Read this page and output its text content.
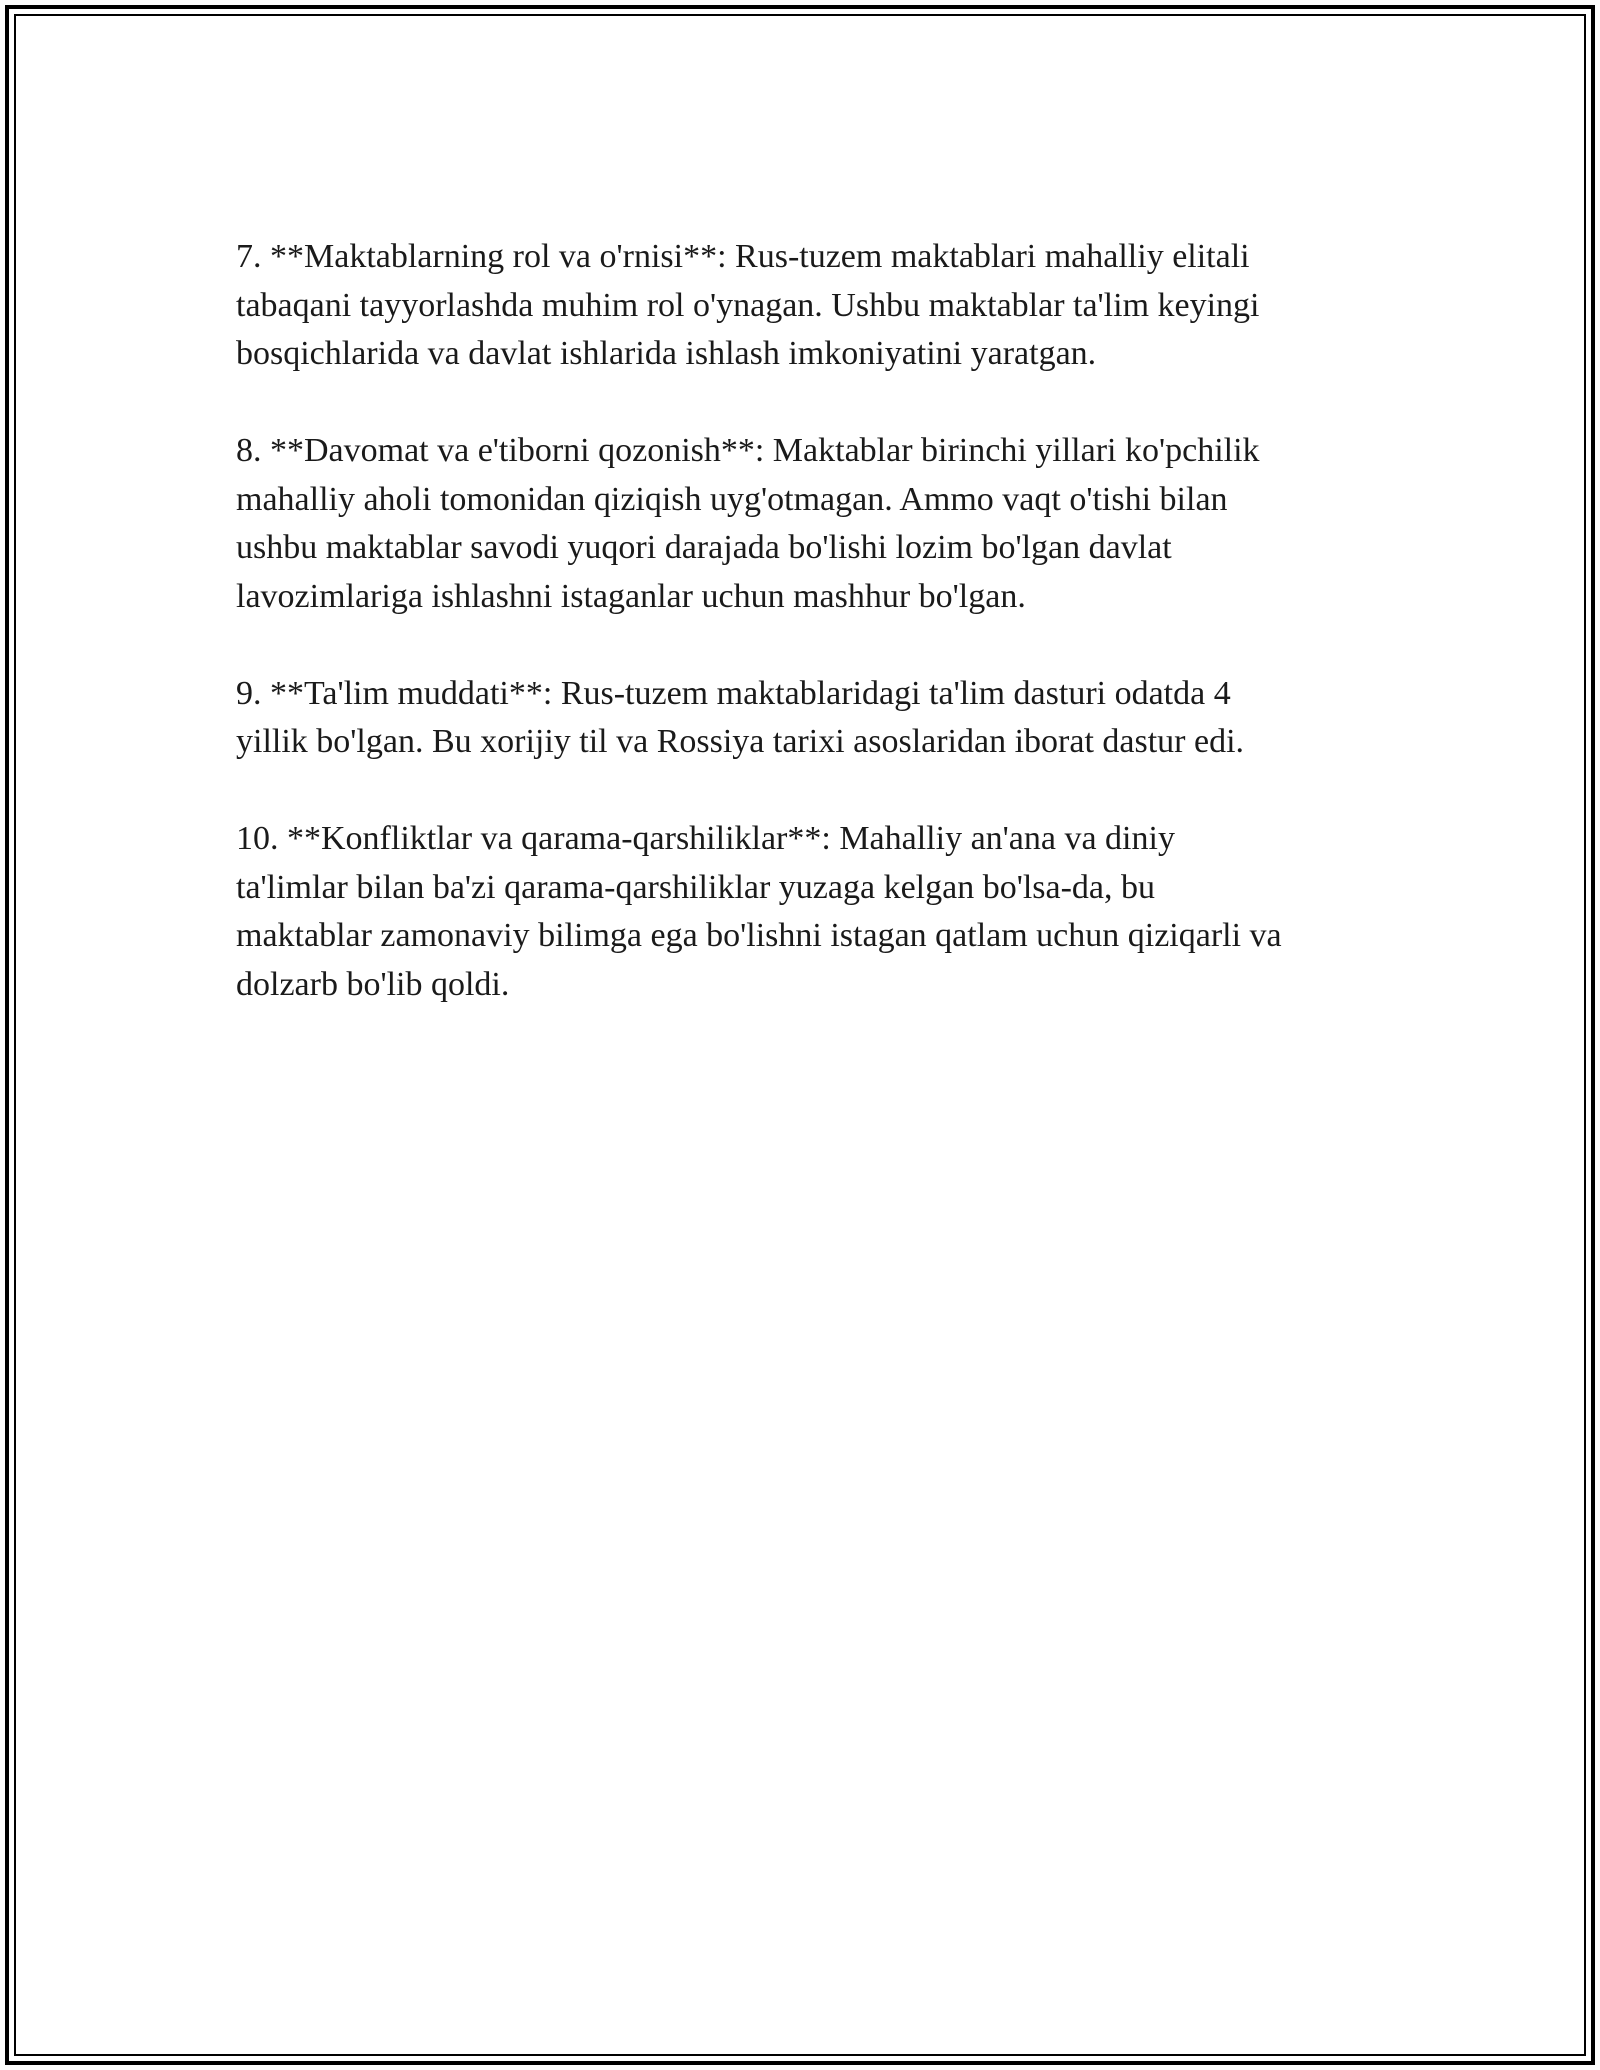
7. **Maktablarning rol va o'rnisi**: Rus-tuzem maktablari mahalliy elitali
tabaqani tayyorlashda muhim rol o'ynagan. Ushbu maktablar ta'lim keyingi
bosqichlarida va davlat ishlarida ishlash imkoniyatini yaratgan.

8. **Davomat va e'tiborni qozonish**: Maktablar birinchi yillari ko'pchilik
mahalliy aholi tomonidan qiziqish uyg'otmagan. Ammo vaqt o'tishi bilan
ushbu maktablar savodi yuqori darajada bo'lishi lozim bo'lgan davlat
lavozimlariga ishlashni istaganlar uchun mashhur bo'lgan.

9. **Ta'lim muddati**: Rus-tuzem maktablaridagi ta'lim dasturi odatda 4
yillik bo'lgan. Bu xorijiy til va Rossiya tarixi asoslaridan iborat dastur edi.

10. **Konfliktlar va qarama-qarshiliklar**: Mahalliy an'ana va diniy
ta'limlar bilan ba'zi qarama-qarshiliklar yuzaga kelgan bo'lsa-da, bu
maktablar zamonaviy bilimga ega bo'lishni istagan qatlam uchun qiziqarli va
dolzarb bo'lib qoldi.
